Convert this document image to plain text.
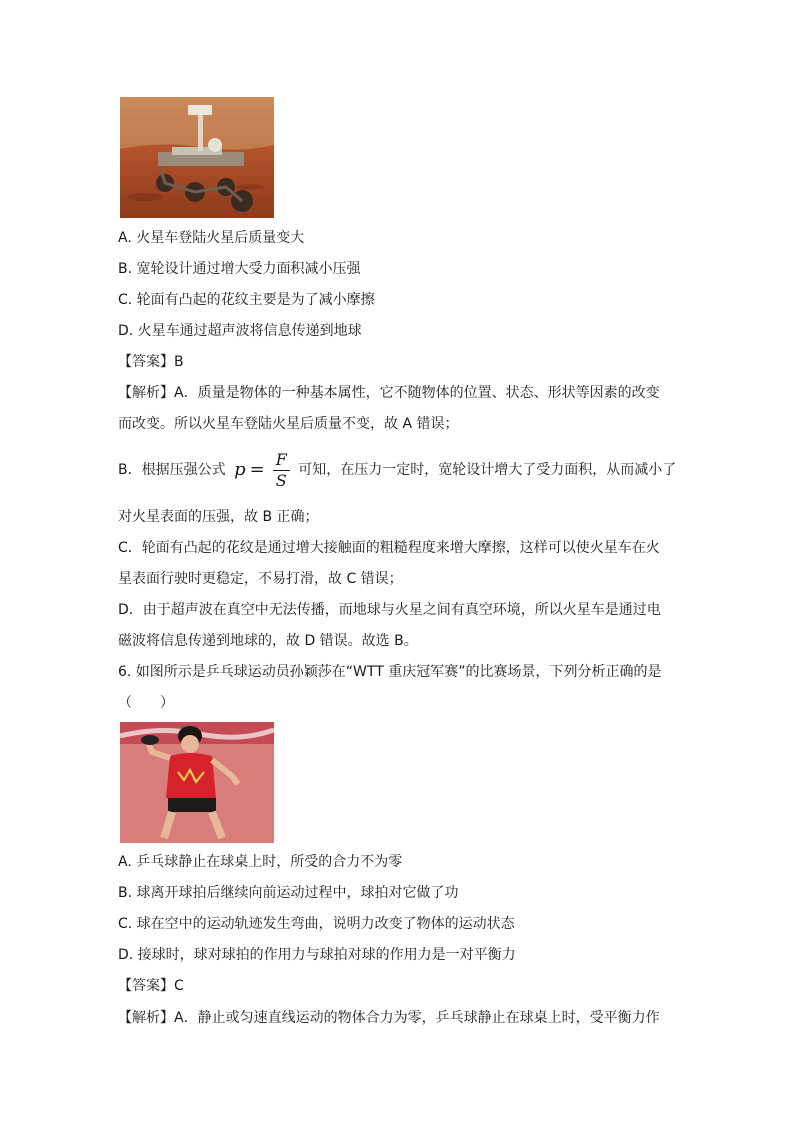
A. 火星车登陆火星后质量变大
B. 宽轮设计通过增大受力面积减小压强
C. 轮面有凸起的花纹主要是为了减小摩擦
D. 火星车通过超声波将信息传递到地球
【答案】B
【解析】A．质量是物体的一种基本属性，它不随物体的位置、状态、形状等因素的改变
而改变。所以火星车登陆火星后质量不变，故 A 错误；
B．根据压强公式 $p = \frac{F}{S}$ 可知，在压力一定时，宽轮设计增大了受力面积，从而减小了
对火星表面的压强，故 B 正确；
C．轮面有凸起的花纹是通过增大接触面的粗糙程度来增大摩擦，这样可以使火星车在火
星表面行驶时更稳定，不易打滑，故 C 错误；
D．由于超声波在真空中无法传播，而地球与火星之间有真空环境，所以火星车是通过电
磁波将信息传递到地球的，故 D 错误。故选 B。
6. 如图所示是乒乓球运动员孙颖莎在“WTT 重庆冠军赛”的比赛场景，下列分析正确的是
（　　）
A. 乒乓球静止在球桌上时，所受的合力不为零
B. 球离开球拍后继续向前运动过程中，球拍对它做了功
C. 球在空中的运动轨迹发生弯曲，说明力改变了物体的运动状态
D. 接球时，球对球拍的作用力与球拍对球的作用力是一对平衡力
【答案】C
【解析】A．静止或匀速直线运动的物体合力为零，乒乓球静止在球桌上时，受平衡力作
